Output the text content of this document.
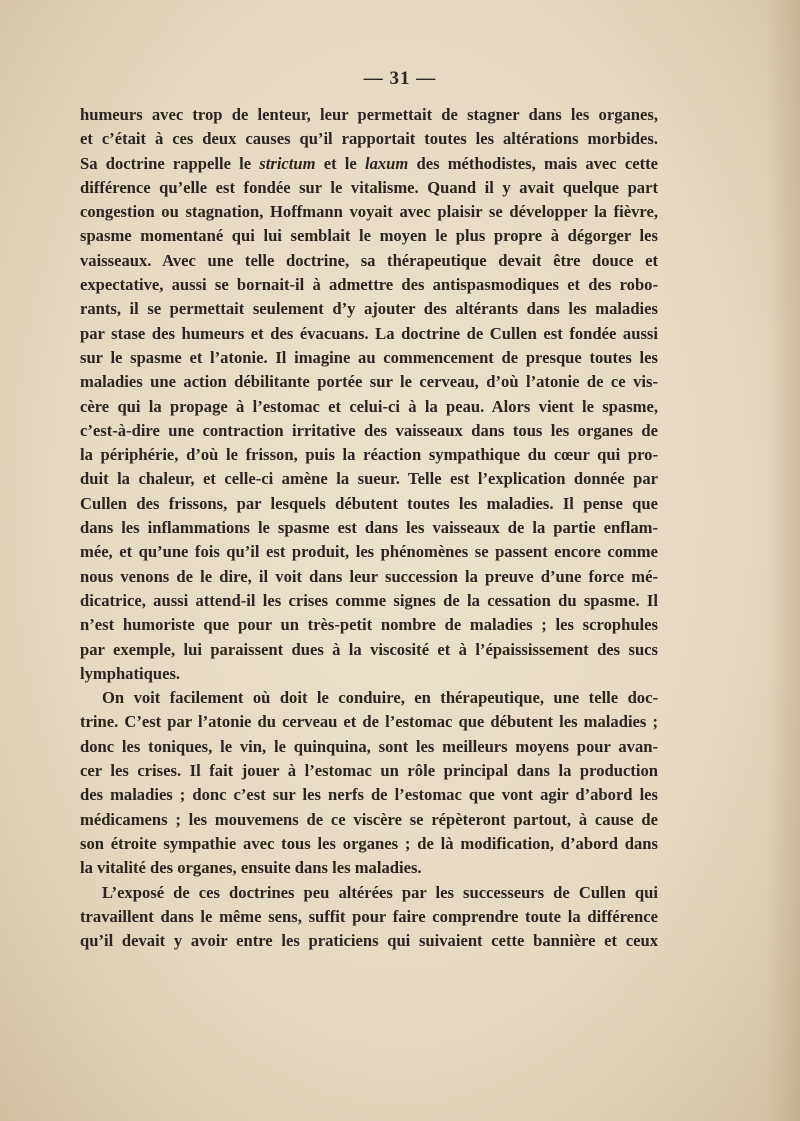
— 31 —
humeurs avec trop de lenteur, leur permettait de stagner dans les organes,
et c’était à ces deux causes qu’il rapportait toutes les altérations morbides.
Sa doctrine rappelle le strictum et le laxum des méthodistes, mais avec cette
différence qu’elle est fondée sur le vitalisme. Quand il y avait quelque part
congestion ou stagnation, Hoffmann voyait avec plaisir se développer la fièvre,
spasme momentané qui lui semblait le moyen le plus propre à dégorger les
vaisseaux. Avec une telle doctrine, sa thérapeutique devait être douce et
expectative, aussi se bornait-il à admettre des antispasmodiques et des robo-
rants, il se permettait seulement d’y ajouter des altérants dans les maladies
par stase des humeurs et des évacuans. La doctrine de Cullen est fondée aussi
sur le spasme et l’atonie. Il imagine au commencement de presque toutes les
maladies une action débilitante portée sur le cerveau, d’où l’atonie de ce vis-
cère qui la propage à l’estomac et celui-ci à la peau. Alors vient le spasme,
c’est-à-dire une contraction irritative des vaisseaux dans tous les organes de
la périphérie, d’où le frisson, puis la réaction sympathique du cœur qui pro-
duit la chaleur, et celle-ci amène la sueur. Telle est l’explication donnée par
Cullen des frissons, par lesquels débutent toutes les maladies. Il pense que
dans les inflammations le spasme est dans les vaisseaux de la partie enflam-
mée, et qu’une fois qu’il est produit, les phénomènes se passent encore comme
nous venons de le dire, il voit dans leur succession la preuve d’une force mé-
dicatrice, aussi attend-il les crises comme signes de la cessation du spasme. Il
n’est humoriste que pour un très-petit nombre de maladies ; les scrophules
par exemple, lui paraissent dues à la viscosité et à l’épaississement des sucs
lymphatiques.
On voit facilement où doit le conduire, en thérapeutique, une telle doc-
trine. C’est par l’atonie du cerveau et de l’estomac que débutent les maladies ;
donc les toniques, le vin, le quinquina, sont les meilleurs moyens pour avan-
cer les crises. Il fait jouer à l’estomac un rôle principal dans la production
des maladies ; donc c’est sur les nerfs de l’estomac que vont agir d’abord les
médicamens ; les mouvemens de ce viscère se répèteront partout, à cause de
son étroite sympathie avec tous les organes ; de là modification, d’abord dans
la vitalité des organes, ensuite dans les maladies.
L’exposé de ces doctrines peu altérées par les successeurs de Cullen qui
travaillent dans le même sens, suffit pour faire comprendre toute la différence
qu’il devait y avoir entre les praticiens qui suivaient cette bannière et ceux
